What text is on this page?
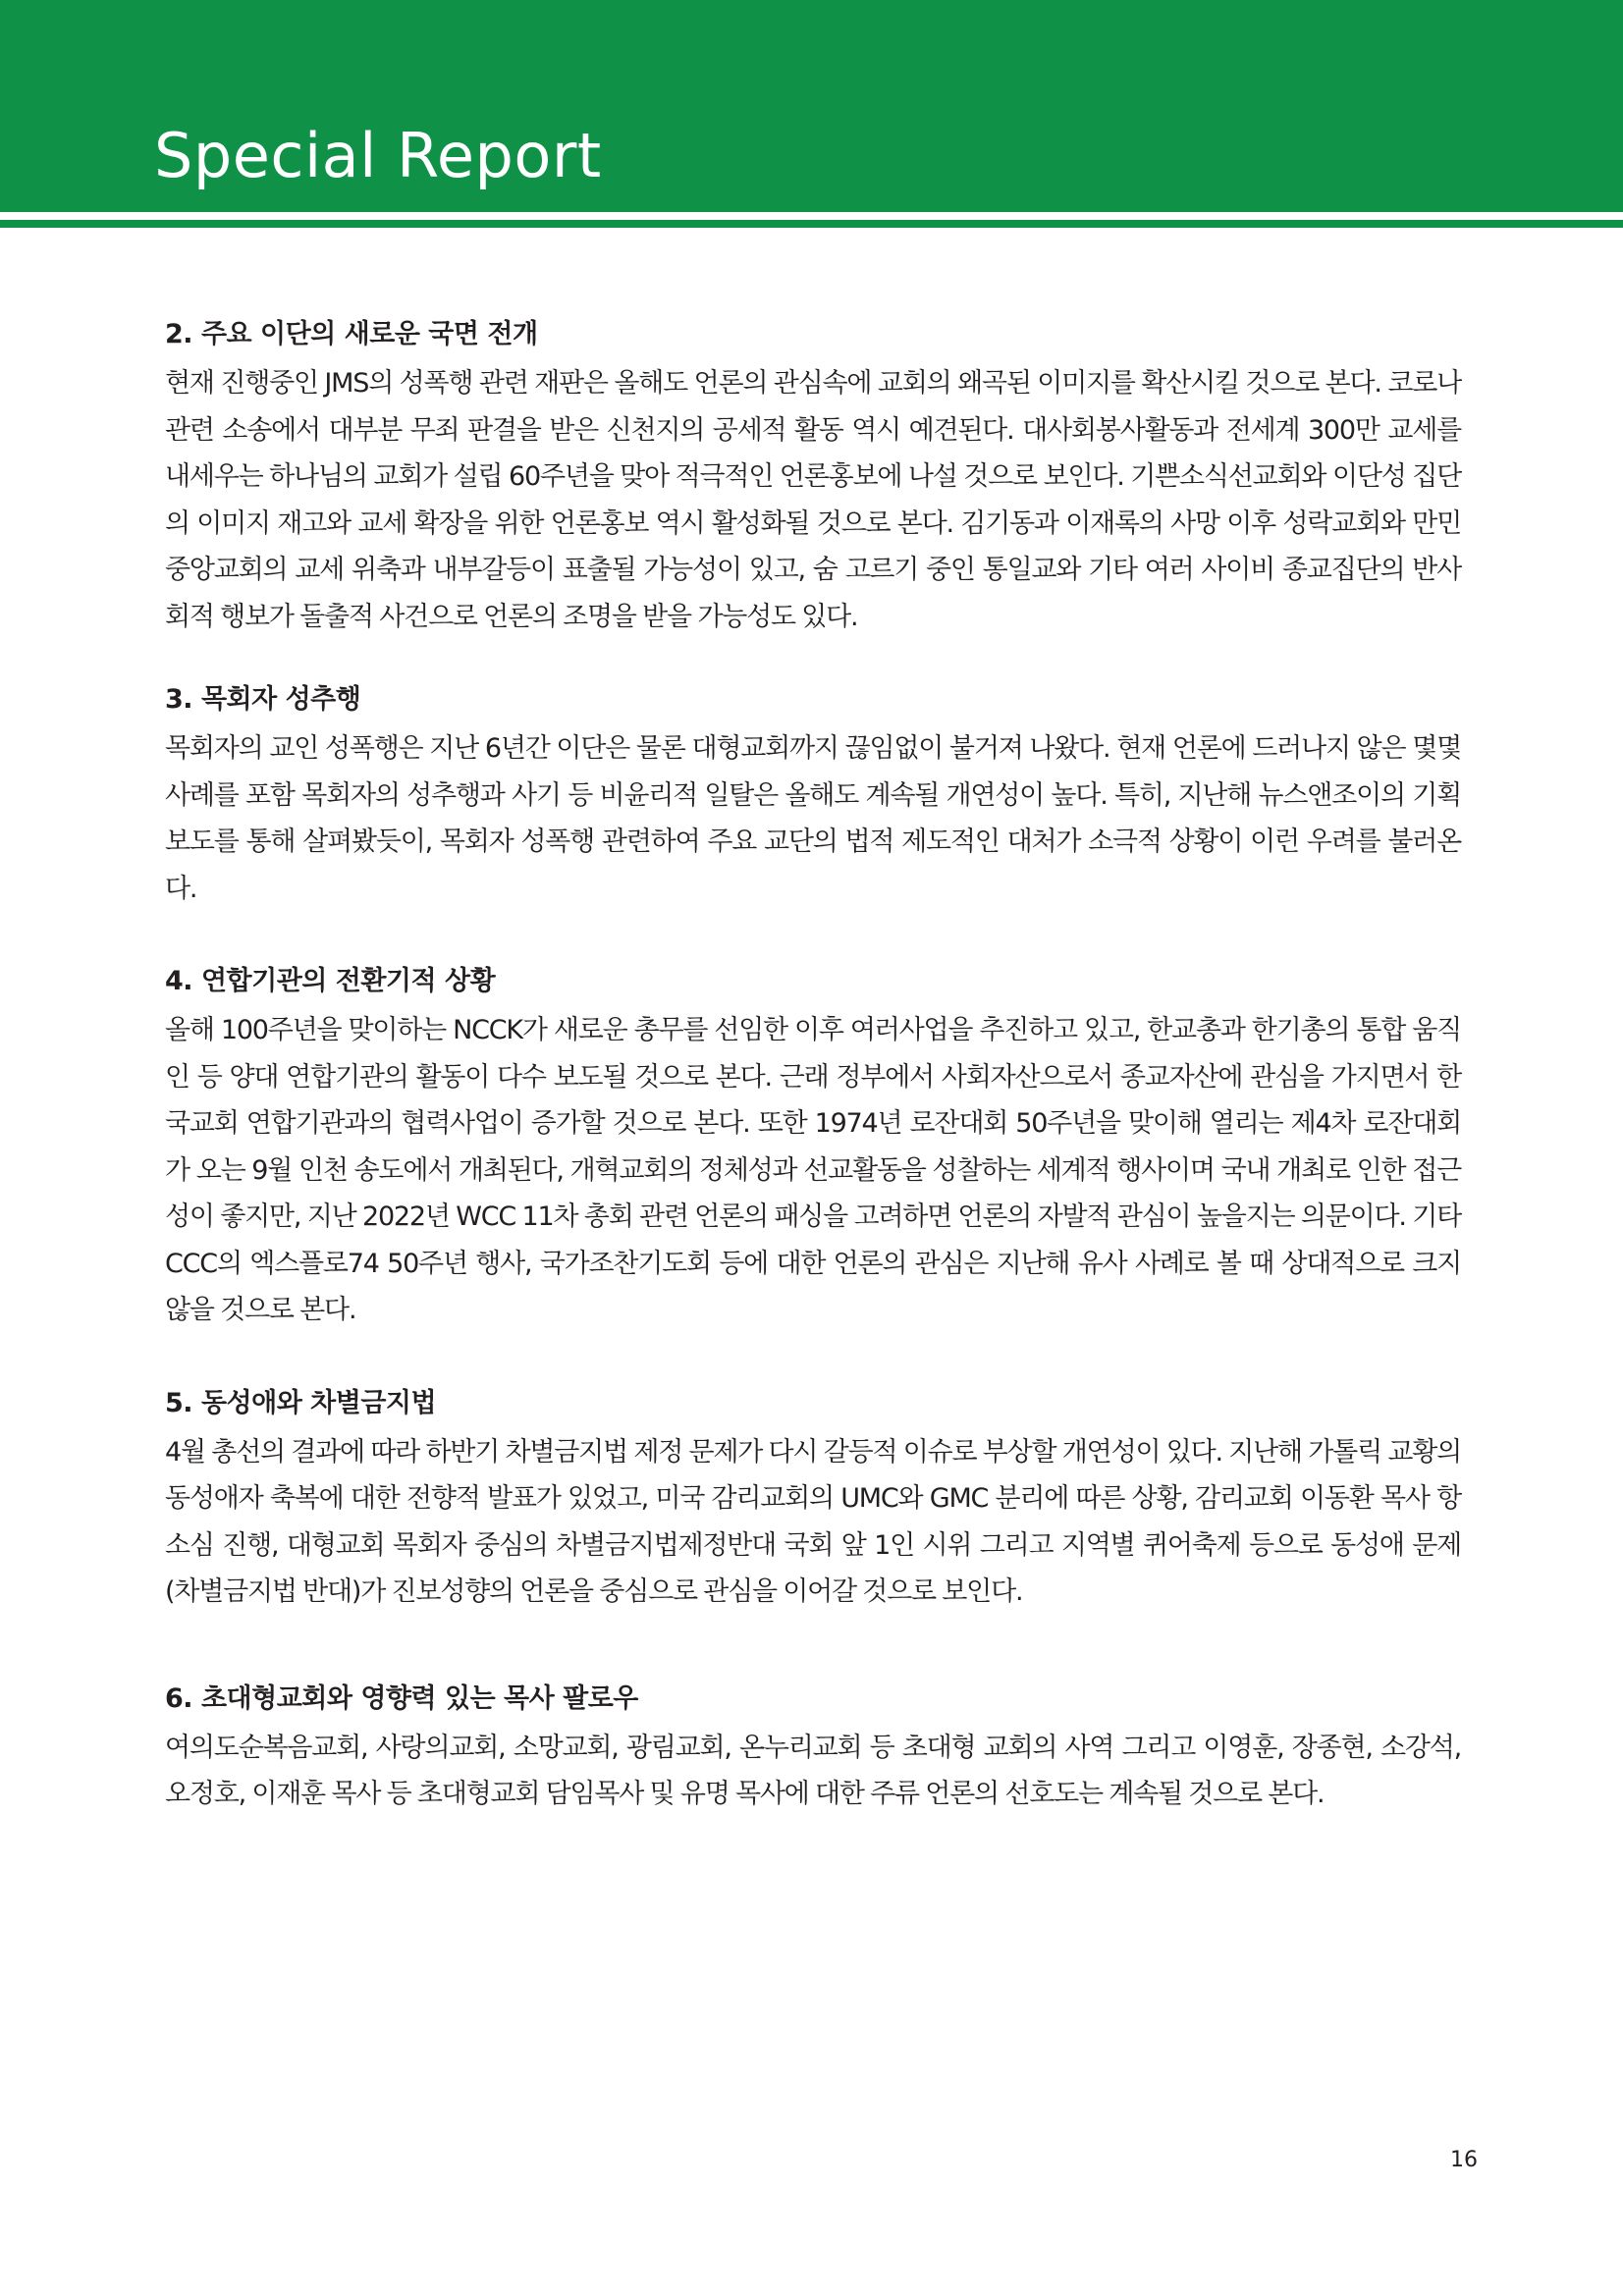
Special Report
2. 주요 이단의 새로운 국면 전개

현재 진행중인 JMS의 성폭행 관련 재판은 올해도 언론의 관심속에 교회의 왜곡된 이미지를 확산시킬 것으로 본다. 코로나 관련 소송에서 대부분 무죄 판결을 받은 신천지의 공세적 활동 역시 예견된다. 대사회봉사활동과 전세계 300만 교세를 내세우는 하나님의 교회가 설립 60주년을 맞아 적극적인 언론홍보에 나설 것으로 보인다. 기쁜소식선교회와 이단성 집단의 이미지 재고와 교세 확장을 위한 언론홍보 역시 활성화될 것으로 본다. 김기동과 이재록의 사망 이후 성락교회와 만민중앙교회의 교세 위축과 내부갈등이 표출될 가능성이 있고, 숨 고르기 중인 통일교와 기타 여러 사이비 종교집단의 반사회적 행보가 돌출적 사건으로 언론의 조명을 받을 가능성도 있다.

3. 목회자 성추행

목회자의 교인 성폭행은 지난 6년간 이단은 물론 대형교회까지 끊임없이 불거져 나왔다. 현재 언론에 드러나지 않은 몇몇 사례를 포함 목회자의 성추행과 사기 등 비윤리적 일탈은 올해도 계속될 개연성이 높다. 특히, 지난해 뉴스앤조이의 기획보도를 통해 살펴봤듯이, 목회자 성폭행 관련하여 주요 교단의 법적 제도적인 대처가 소극적 상황이 이런 우려를 불러온다.

4. 연합기관의 전환기적 상황

올해 100주년을 맞이하는 NCCK가 새로운 총무를 선임한 이후 여러사업을 추진하고 있고, 한교총과 한기총의 통합 움직인 등 양대 연합기관의 활동이 다수 보도될 것으로 본다. 근래 정부에서 사회자산으로서 종교자산에 관심을 가지면서 한국교회 연합기관과의 협력사업이 증가할 것으로 본다. 또한 1974년 로잔대회 50주년을 맞이해 열리는 제4차 로잔대회가 오는 9월 인천 송도에서 개최된다, 개혁교회의 정체성과 선교활동을 성찰하는 세계적 행사이며 국내 개최로 인한 접근성이 좋지만, 지난 2022년 WCC 11차 총회 관련 언론의 패싱을 고려하면 언론의 자발적 관심이 높을지는 의문이다. 기타 CCC의 엑스플로74 50주년 행사, 국가조찬기도회 등에 대한 언론의 관심은 지난해 유사 사례로 볼 때 상대적으로 크지 않을 것으로 본다.

5. 동성애와 차별금지법

4월 총선의 결과에 따라 하반기 차별금지법 제정 문제가 다시 갈등적 이슈로 부상할 개연성이 있다. 지난해 가톨릭 교황의 동성애자 축복에 대한 전향적 발표가 있었고, 미국 감리교회의 UMC와 GMC 분리에 따른 상황, 감리교회 이동환 목사 항소심 진행, 대형교회 목회자 중심의 차별금지법제정반대 국회 앞 1인 시위 그리고 지역별 퀴어축제 등으로 동성애 문제(차별금지법 반대)가 진보성향의 언론을 중심으로 관심을 이어갈 것으로 보인다.

6. 초대형교회와 영향력 있는 목사 팔로우

여의도순복음교회, 사랑의교회, 소망교회, 광림교회, 온누리교회 등 초대형 교회의 사역 그리고 이영훈, 장종현, 소강석, 오정호, 이재훈 목사 등 초대형교회 담임목사 및 유명 목사에 대한 주류 언론의 선호도는 계속될 것으로 본다.

16
